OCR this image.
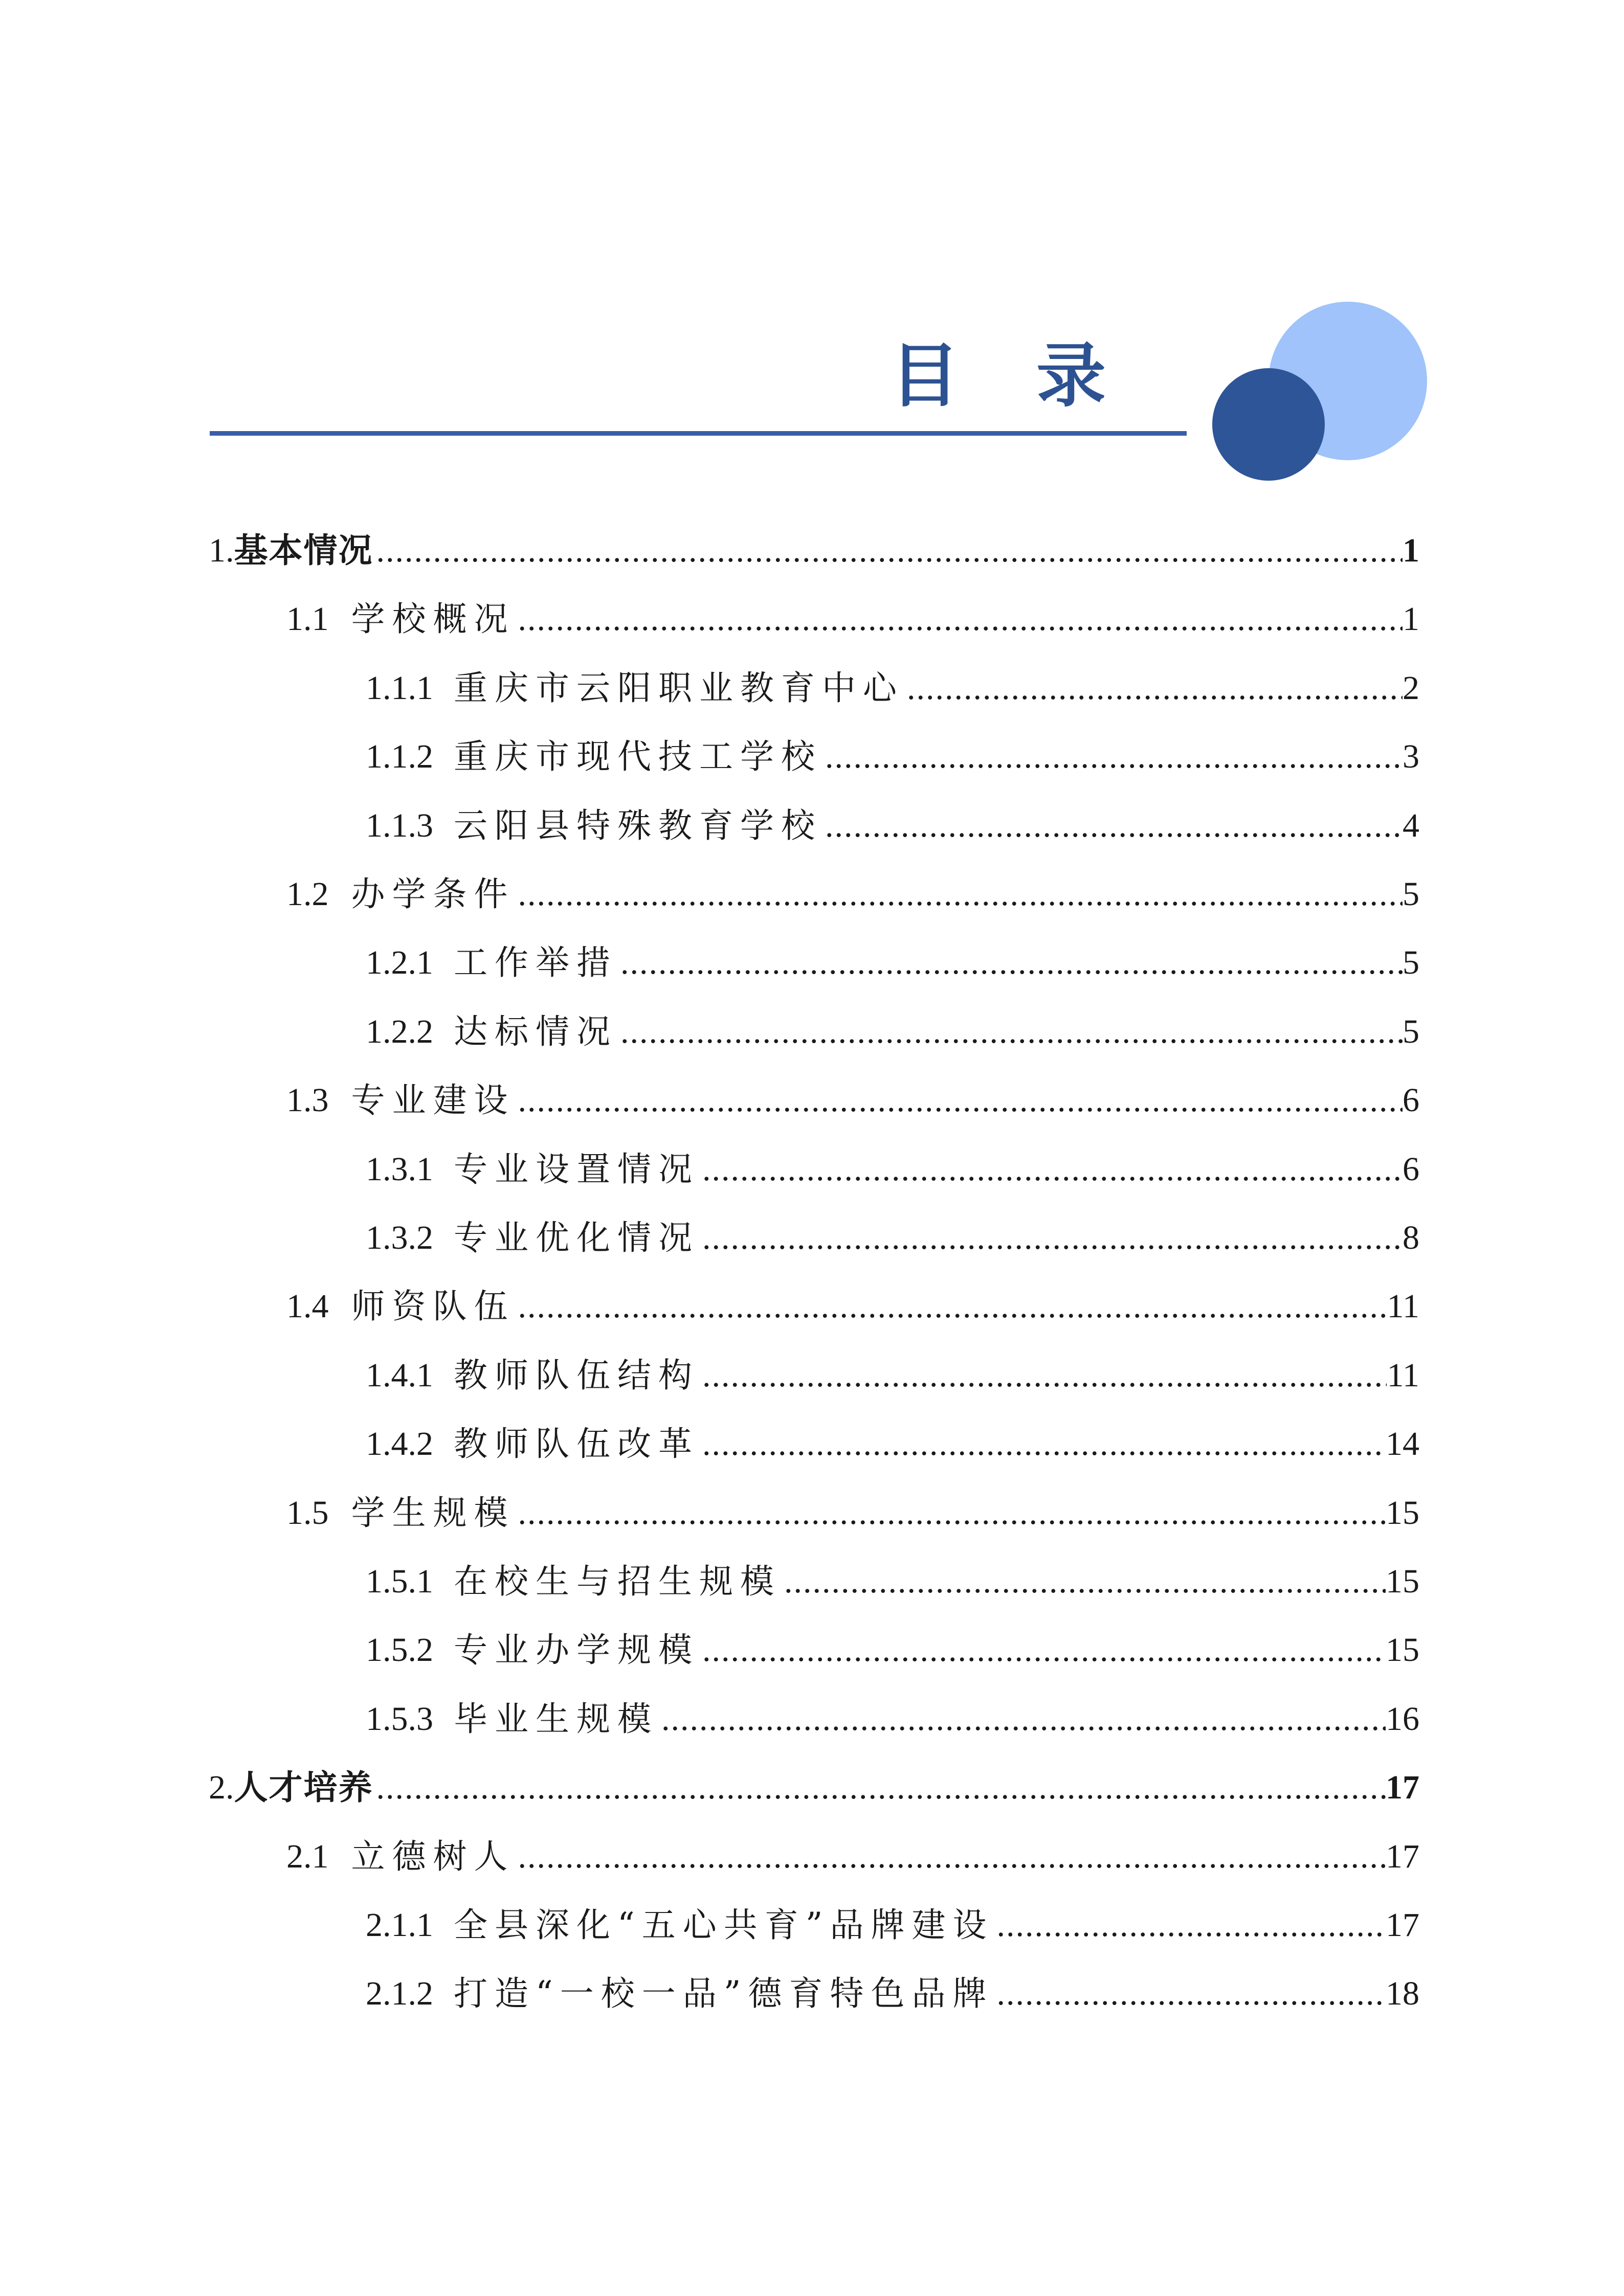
目录
1. 基本情况 .....	1
1.1 学校概况 .....	1
1.1.1 重庆市云阳职业教育中心 .....	2
1.1.2 重庆市现代技工学校 .....	3
1.1.3 云阳县特殊教育学校 .....	4
1.2 办学条件 .....	5
1.2.1 工作举措 .....	5
1.2.2 达标情况 .....	5
1.3 专业建设 .....	6
1.3.1 专业设置情况 .....	6
1.3.2 专业优化情况 .....	8
1.4 师资队伍 .....	11
1.4.1 教师队伍结构 .....	11
1.4.2 教师队伍改革 .....	14
1.5 学生规模 .....	15
1.5.1 在校生与招生规模 .....	15
1.5.2 专业办学规模 .....	15
1.5.3 毕业生规模 .....	16
2. 人才培养 .....	17
2.1 立德树人 .....	17
2.1.1 全县深化“五心共育”品牌建设 .....	17
2.1.2 打造“一校一品”德育特色品牌 .....	18
